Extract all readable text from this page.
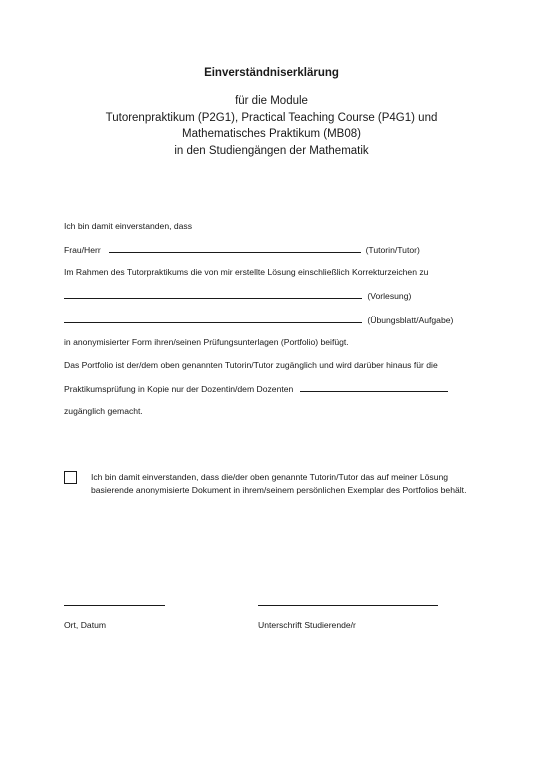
Einverständniserklärung
für die Module
Tutorenpraktikum (P2G1), Practical Teaching Course (P4G1) und
Mathematisches Praktikum (MB08)
in den Studiengängen der Mathematik
Ich bin damit einverstanden, dass
Frau/Herr	(Tutorin/Tutor)
Im Rahmen des Tutorpraktikums die von mir erstellte Lösung einschließlich Korrekturzeichen zu
(Vorlesung)
(Übungsblatt/Aufgabe)
in anonymisierter Form ihren/seinen Prüfungsunterlagen (Portfolio) beifügt.
Das Portfolio ist der/dem oben genannten Tutorin/Tutor zugänglich und wird darüber hinaus für die
Praktikumsprüfung in Kopie nur der Dozentin/dem Dozenten
zugänglich gemacht.
Ich bin damit einverstanden, dass die/der oben genannte Tutorin/Tutor das auf meiner Lösung basierende anonymisierte Dokument in ihrem/seinem persönlichen Exemplar des Portfolios behält.
Ort, Datum	Unterschrift Studierende/r
